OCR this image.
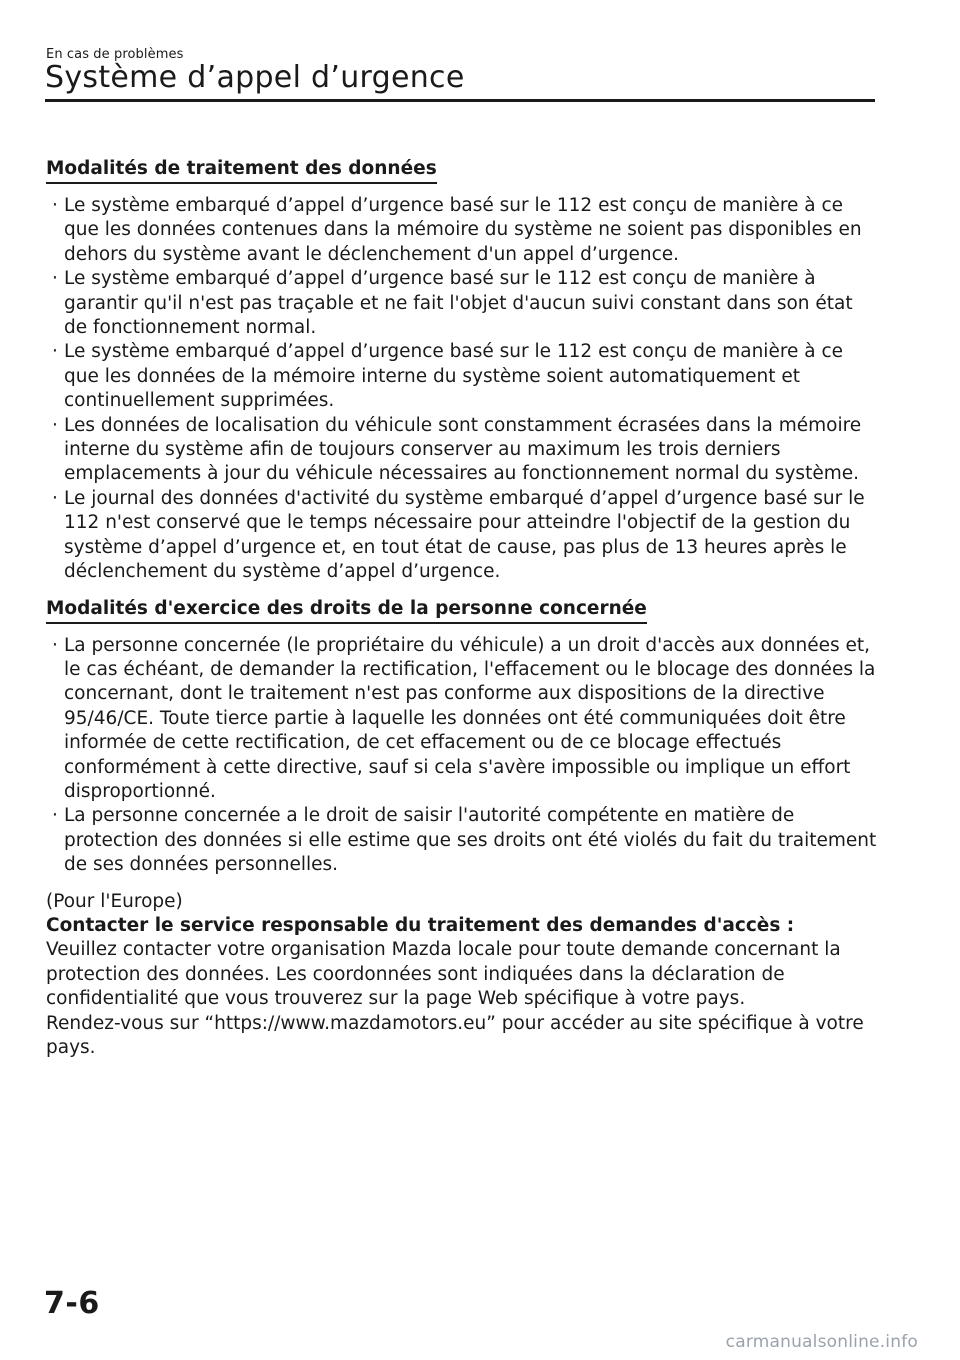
En cas de problèmes
Système d’appel d’urgence
Modalités de traitement des données
· Le système embarqué d’appel d’urgence basé sur le 112 est conçu de manière à ce que les données contenues dans la mémoire du système ne soient pas disponibles en dehors du système avant le déclenchement d'un appel d’urgence.
· Le système embarqué d’appel d’urgence basé sur le 112 est conçu de manière à garantir qu'il n'est pas traçable et ne fait l'objet d'aucun suivi constant dans son état de fonctionnement normal.
· Le système embarqué d’appel d’urgence basé sur le 112 est conçu de manière à ce que les données de la mémoire interne du système soient automatiquement et continuellement supprimées.
· Les données de localisation du véhicule sont constamment écrasées dans la mémoire interne du système afin de toujours conserver au maximum les trois derniers emplacements à jour du véhicule nécessaires au fonctionnement normal du système.
· Le journal des données d'activité du système embarqué d’appel d’urgence basé sur le 112 n'est conservé que le temps nécessaire pour atteindre l'objectif de la gestion du système d’appel d’urgence et, en tout état de cause, pas plus de 13 heures après le déclenchement du système d’appel d’urgence.
Modalités d'exercice des droits de la personne concernée
· La personne concernée (le propriétaire du véhicule) a un droit d'accès aux données et, le cas échéant, de demander la rectification, l'effacement ou le blocage des données la concernant, dont le traitement n'est pas conforme aux dispositions de la directive 95/46/CE. Toute tierce partie à laquelle les données ont été communiquées doit être informée de cette rectification, de cet effacement ou de ce blocage effectués conformément à cette directive, sauf si cela s'avère impossible ou implique un effort disproportionné.
· La personne concernée a le droit de saisir l'autorité compétente en matière de protection des données si elle estime que ses droits ont été violés du fait du traitement de ses données personnelles.

(Pour l'Europe)

Contacter le service responsable du traitement des demandes d'accès :

Veuillez contacter votre organisation Mazda locale pour toute demande concernant la protection des données. Les coordonnées sont indiquées dans la déclaration de confidentialité que vous trouverez sur la page Web spécifique à votre pays.

Rendez-vous sur “https://www.mazdamotors.eu” pour accéder au site spécifique à votre pays.

7-6
carmanualsonline.info
